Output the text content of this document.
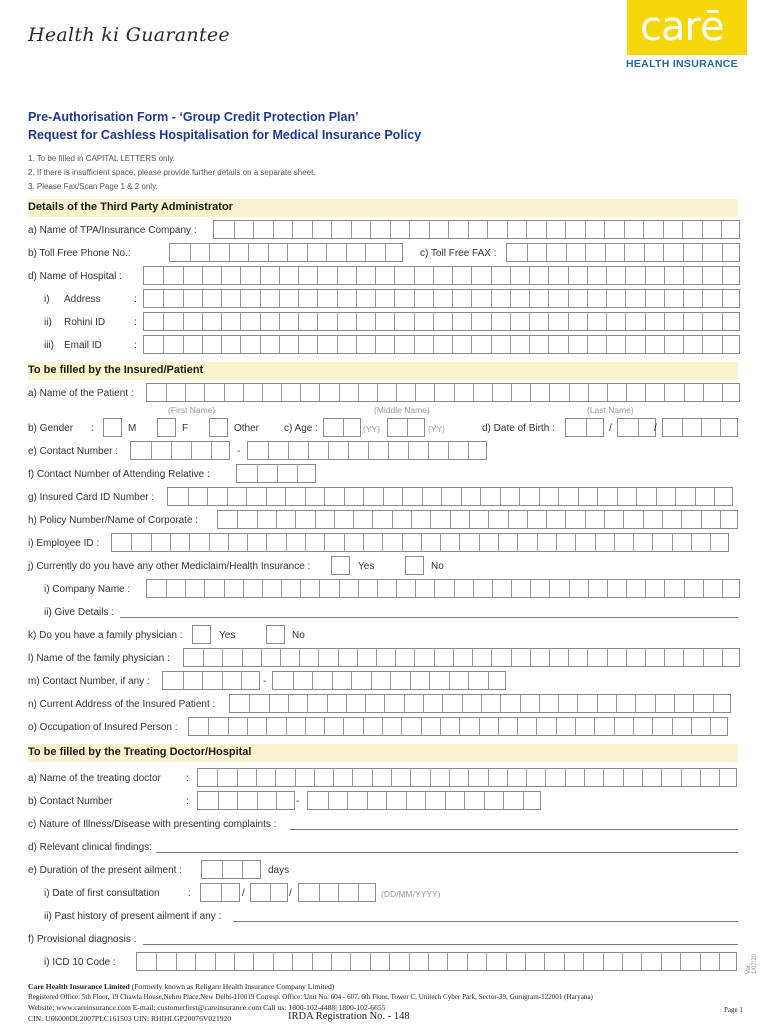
Health ki Guarantee	carē
HEALTH INSURANCE
Pre-Authorisation Form - ‘Group Credit Protection Plan’
Request for Cashless Hospitalisation for Medical Insurance Policy
1. To be filled in CAPITAL LETTERS only.
2. If there is insufficient space, please provide further details on a separate sheet.
3. Please Fax/Scan Page 1 & 2 only.
Details of the Third Party Administrator
a) Name of TPA/Insurance Company :
b) Toll Free Phone No.:	c) Toll Free FAX :
d) Name of Hospital :
i) Address	:
ii) Rohini ID	:
iii) Email ID	:
To be filled by the Insured/Patient
a) Name of the Patient :
(First Name)	(Middle Name)	(Last Name)
b) Gender :	M	F	Other c) Age :	(YY)	(YY)	d) Date of Birth :	/	/
e) Contact Number :	-
f) Contact Number of Attending Relative :
g) Insured Card ID Number :
h) Policy Number/Name of Corporate :
i) Employee ID :
j) Currently do you have any other Mediclaim/Health Insurance :	Yes	No
i) Company Name :
ii) Give Details :
k) Do you have a family physician :	Yes	No
l) Name of the family physician :
m) Contact Number, if any :	-
n) Current Address of the Insured Patient :
o) Occupation of Insured Person :
To be filled by the Treating Doctor/Hospital
a) Name of the treating doctor	:
b) Contact Number	:	-
c) Nature of Illness/Disease with presenting complaints :
d) Relevant clinical findings:
e) Duration of the present ailment :	days
i) Date of first consultation	:	/	/	(DD/MM/YYYY)
ii) Past history of present ailment if any :
f) Provisional diagnosis :
i) ICD 10 Code :
Ver. 1/07/20
Care Health Insurance Limited (Formerly known as Religare Health Insurance Company Limited)
Registered Office: 5th Floor, 19 Chawla House,Nehru Place,New Delhi-110019 Corresp. Office: Unit No. 604 - 607, 6th Floor, Tower C, Unitech Cyber Park, Sector-39, Gurugram-122001 (Haryana)
Website: www.careinsurance.com E-mail: customerfirst@careinsurance.com Call us: 1800-102-4488| 1800-102-6655
CIN: U66000DL2007PLC161503 UIN: RHIHLGP20076V021920	IRDA Registration No. - 148
Page 1
